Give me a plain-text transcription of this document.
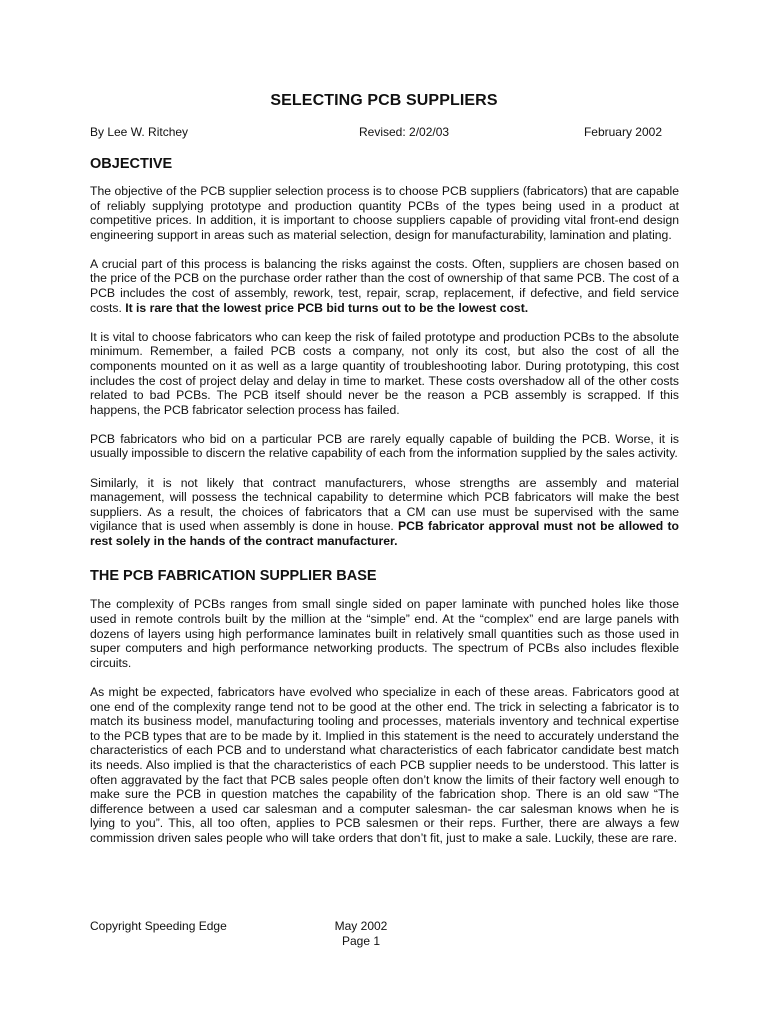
SELECTING PCB SUPPLIERS
By Lee W. Ritchey	Revised: 2/02/03	February 2002
OBJECTIVE

The objective of the PCB supplier selection process is to choose PCB suppliers (fabricators) that are capable of reliably supplying prototype and production quantity PCBs of the types being used in a product at competitive prices. In addition, it is important to choose suppliers capable of providing vital front-end design engineering support in areas such as material selection, design for manufacturability, lamination and plating.

A crucial part of this process is balancing the risks against the costs. Often, suppliers are chosen based on the price of the PCB on the purchase order rather than the cost of ownership of that same PCB. The cost of a PCB includes the cost of assembly, rework, test, repair, scrap, replacement, if defective, and field service costs. It is rare that the lowest price PCB bid turns out to be the lowest cost.

It is vital to choose fabricators who can keep the risk of failed prototype and production PCBs to the absolute minimum. Remember, a failed PCB costs a company, not only its cost, but also the cost of all the components mounted on it as well as a large quantity of troubleshooting labor. During prototyping, this cost includes the cost of project delay and delay in time to market. These costs overshadow all of the other costs related to bad PCBs. The PCB itself should never be the reason a PCB assembly is scrapped. If this happens, the PCB fabricator selection process has failed.

PCB fabricators who bid on a particular PCB are rarely equally capable of building the PCB. Worse, it is usually impossible to discern the relative capability of each from the information supplied by the sales activity.

Similarly, it is not likely that contract manufacturers, whose strengths are assembly and material management, will possess the technical capability to determine which PCB fabricators will make the best suppliers. As a result, the choices of fabricators that a CM can use must be supervised with the same vigilance that is used when assembly is done in house. PCB fabricator approval must not be allowed to rest solely in the hands of the contract manufacturer.

THE PCB FABRICATION SUPPLIER BASE

The complexity of PCBs ranges from small single sided on paper laminate with punched holes like those used in remote controls built by the million at the “simple” end. At the “complex” end are large panels with dozens of layers using high performance laminates built in relatively small quantities such as those used in super computers and high performance networking products. The spectrum of PCBs also includes flexible circuits.

As might be expected, fabricators have evolved who specialize in each of these areas. Fabricators good at one end of the complexity range tend not to be good at the other end. The trick in selecting a fabricator is to match its business model, manufacturing tooling and processes, materials inventory and technical expertise to the PCB types that are to be made by it. Implied in this statement is the need to accurately understand the characteristics of each PCB and to understand what characteristics of each fabricator candidate best match its needs. Also implied is that the characteristics of each PCB supplier needs to be understood. This latter is often aggravated by the fact that PCB sales people often don’t know the limits of their factory well enough to make sure the PCB in question matches the capability of the fabrication shop. There is an old saw “The difference between a used car salesman and a computer salesman- the car salesman knows when he is lying to you”. This, all too often, applies to PCB salesmen or their reps. Further, there are always a few commission driven sales people who will take orders that don’t fit, just to make a sale. Luckily, these are rare.

Copyright Speeding Edge	May 2002
Page 1
